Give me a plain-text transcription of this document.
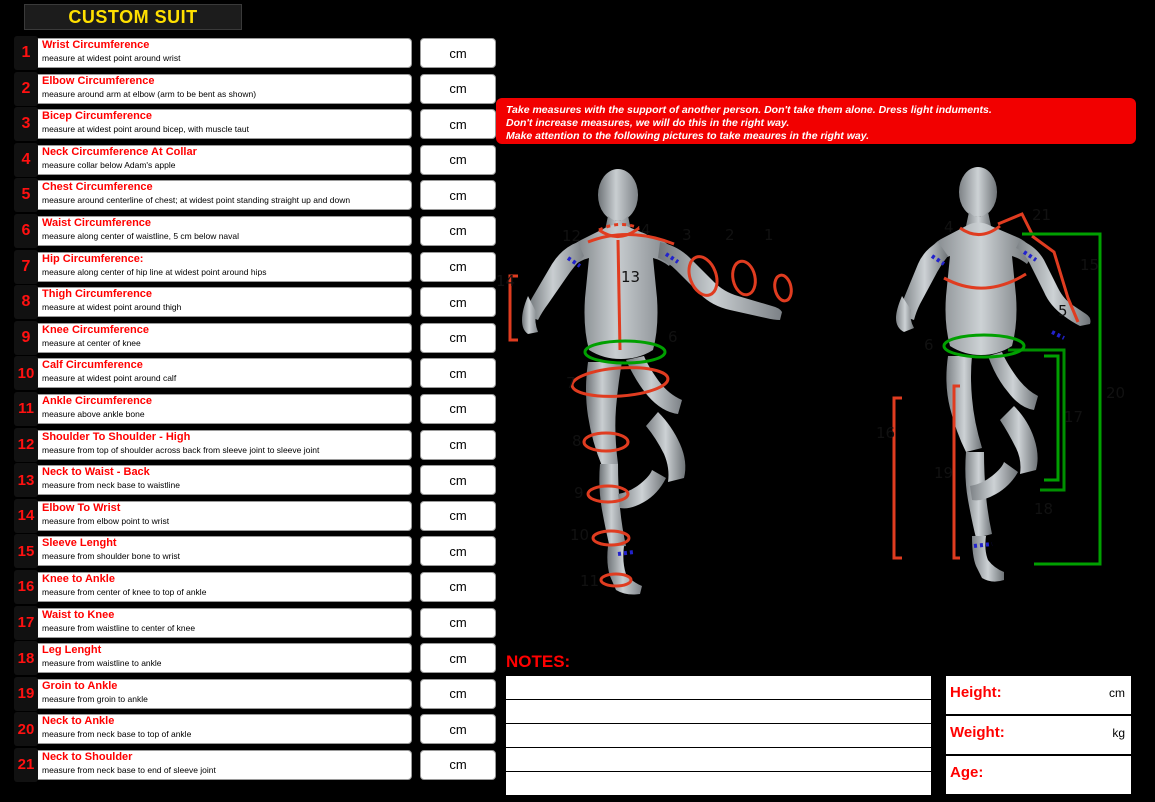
CUSTOM SUIT
1	Wrist Circumference
measure at widest point around wrist	cm
2	Elbow Circumference
measure around arm at elbow (arm to be bent as shown)	cm
3	Bicep Circumference
measure at widest point around bicep, with muscle taut	cm
4	Neck Circumference At Collar
measure collar below Adam's apple	cm
5	Chest Circumference
measure around centerline of chest; at widest point standing straight up and down	cm
6	Waist Circumference
measure along center of waistline, 5 cm below naval	cm
7	Hip Circumference:
measure along center of hip line at widest point around hips	cm
8	Thigh Circumference
measure at widest point around thigh	cm
9	Knee Circumference
measure at center of knee	cm
10 Calf Circumference
measure at widest point around calf	cm
11 Ankle Circumference
measure above ankle bone	cm
12 Shoulder To Shoulder - High
measure from top of shoulder across back from sleeve joint to sleeve joint	cm
13 Neck to Waist - Back
measure from neck base to waistline	cm
14 Elbow To Wrist
measure from elbow point to wrist	cm
15 Sleeve Lenght
measure from shoulder bone to wrist	cm
16 Knee to Ankle
measure from center of knee to top of ankle	cm
17 Waist to Knee
measure from waistline to center of knee	cm
18 Leg Lenght
measure from waistline to ankle	cm
19 Groin to Ankle
measure from groin to ankle	cm
20 Neck to Ankle
measure from neck base to top of ankle	cm
21 Neck to Shoulder
measure from neck base to end of sleeve joint	cm

Take measures with the support of another person. Don't take them alone. Dress light induments.

Don't increase measures, we will do this in the right way.

Make attention to the following pictures to take meaures in the right way.

12	4 3 2 1
14	13
6
7
8
9
10
11
4
21
15
5
6
16
19
17
18
20
NOTES:
Height:	cm
Weight:	kg
Age:
